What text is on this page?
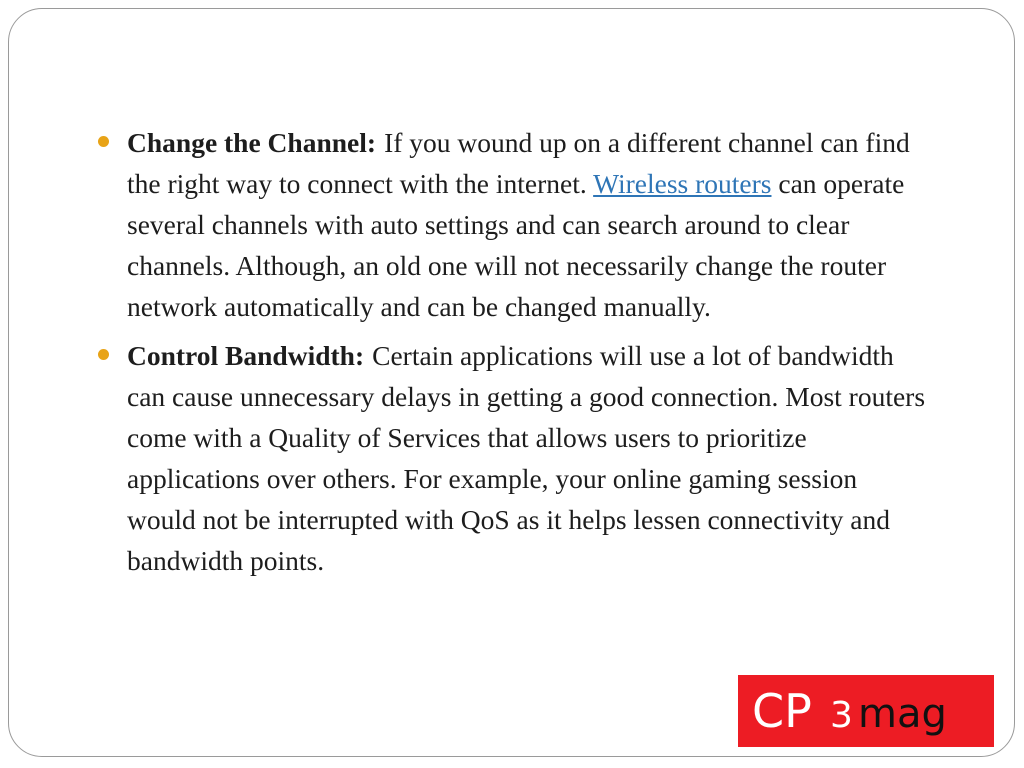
Change the Channel: If you wound up on a different channel can find the right way to connect with the internet. Wireless routers can operate several channels with auto settings and can search around to clear channels. Although, an old one will not necessarily change the router network automatically and can be changed manually.
Control Bandwidth: Certain applications will use a lot of bandwidth can cause unnecessary delays in getting a good connection. Most routers come with a Quality of Services that allows users to prioritize applications over others. For example, your online gaming session would not be interrupted with QoS as it helps lessen connectivity and bandwidth points.
CP 3 mag
